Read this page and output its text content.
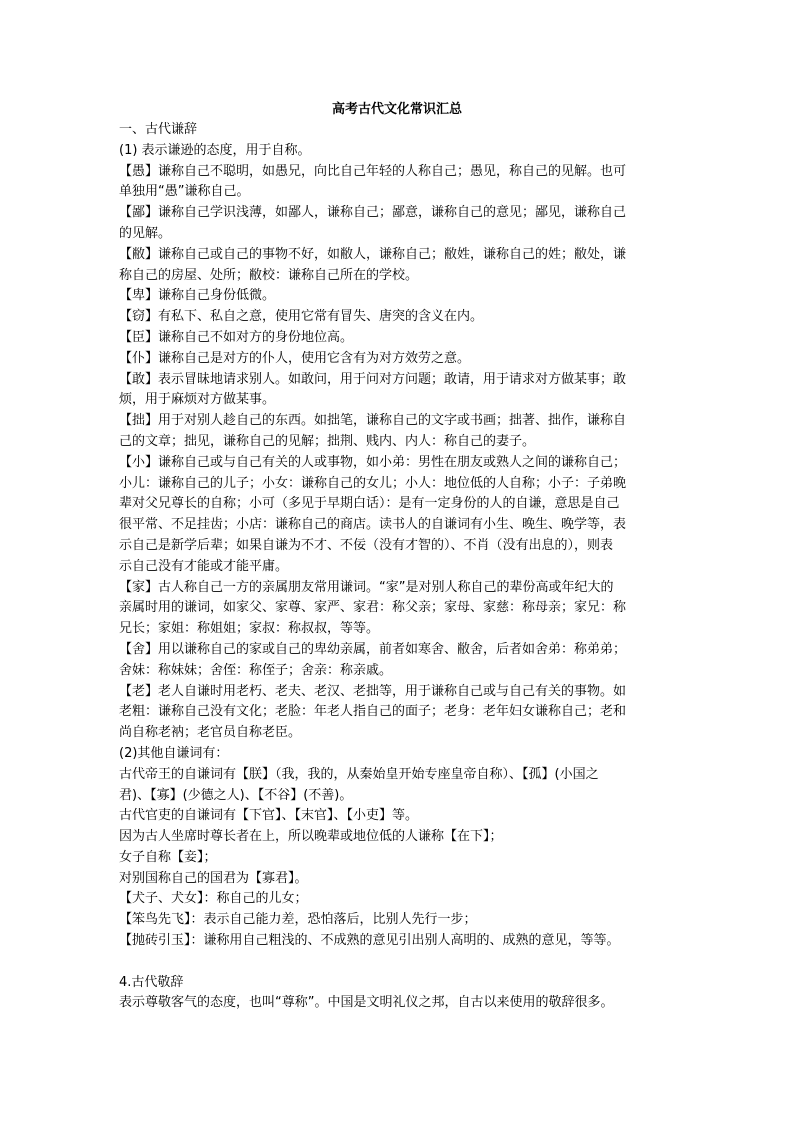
高考古代文化常识汇总
一、古代谦辞
(1) 表示谦逊的态度，用于自称。
【愚】谦称自己不聪明，如愚兄，向比自己年轻的人称自己；愚见，称自己的见解。也可
单独用“愚”谦称自己。
【鄙】谦称自己学识浅薄，如鄙人，谦称自己；鄙意，谦称自己的意见；鄙见，谦称自己
的见解。
【敝】谦称自己或自己的事物不好，如敝人，谦称自己；敝姓，谦称自己的姓；敝处，谦
称自己的房屋、处所；敝校：谦称自己所在的学校。
【卑】谦称自己身份低微。
【窃】有私下、私自之意，使用它常有冒失、唐突的含义在内。
【臣】谦称自己不如对方的身份地位高。
【仆】谦称自己是对方的仆人，使用它含有为对方效劳之意。
【敢】表示冒昧地请求别人。如敢问，用于问对方问题；敢请，用于请求对方做某事；敢
烦，用于麻烦对方做某事。
【拙】用于对别人趁自己的东西。如拙笔，谦称自己的文字或书画；拙著、拙作，谦称自
己的文章；拙见，谦称自己的见解；拙荆、贱内、内人：称自己的妻子。
【小】谦称自己或与自己有关的人或事物，如小弟：男性在朋友或熟人之间的谦称自己；
小儿：谦称自己的儿子；小女：谦称自己的女儿；小人：地位低的人自称；小子：子弟晚
辈对父兄尊长的自称；小可（多见于早期白话）：是有一定身份的人的自谦，意思是自己
很平常、不足挂齿；小店：谦称自己的商店。读书人的自谦词有小生、晚生、晚学等，表
示自己是新学后辈；如果自谦为不才、不佞（没有才智的）、不肖（没有出息的），则表
示自己没有才能或才能平庸。
【家】古人称自己一方的亲属朋友常用谦词。“家”是对别人称自己的辈份高或年纪大的
亲属时用的谦词，如家父、家尊、家严、家君：称父亲；家母、家慈：称母亲；家兄：称
兄长；家姐：称姐姐；家叔：称叔叔，等等。
【舍】用以谦称自己的家或自己的卑幼亲属，前者如寒舍、敝舍，后者如舍弟：称弟弟；
舍妹：称妹妹；舍侄：称侄子；舍亲：称亲戚。
【老】老人自谦时用老朽、老夫、老汉、老拙等，用于谦称自己或与自己有关的事物。如
老粗：谦称自己没有文化；老脸：年老人指自己的面子；老身：老年妇女谦称自己；老和
尚自称老衲；老官员自称老臣。
(2)其他自谦词有：
古代帝王的自谦词有【朕】（我，我的，从秦始皇开始专座皇帝自称）、【孤】(小国之
君)、【寡】(少德之人)、【不谷】(不善)。
古代官吏的自谦词有【下官】、【末官】、【小吏】等。
因为古人坐席时尊长者在上，所以晚辈或地位低的人谦称【在下】；
女子自称【妾】；
对别国称自己的国君为【寡君】。
【犬子、犬女】：称自己的儿女；
【笨鸟先飞】：表示自己能力差，恐怕落后，比别人先行一步；
【抛砖引玉】：谦称用自己粗浅的、不成熟的意见引出别人高明的、成熟的意见，等等。
4.古代敬辞
表示尊敬客气的态度，也叫“尊称”。中国是文明礼仪之邦，自古以来使用的敬辞很多。
